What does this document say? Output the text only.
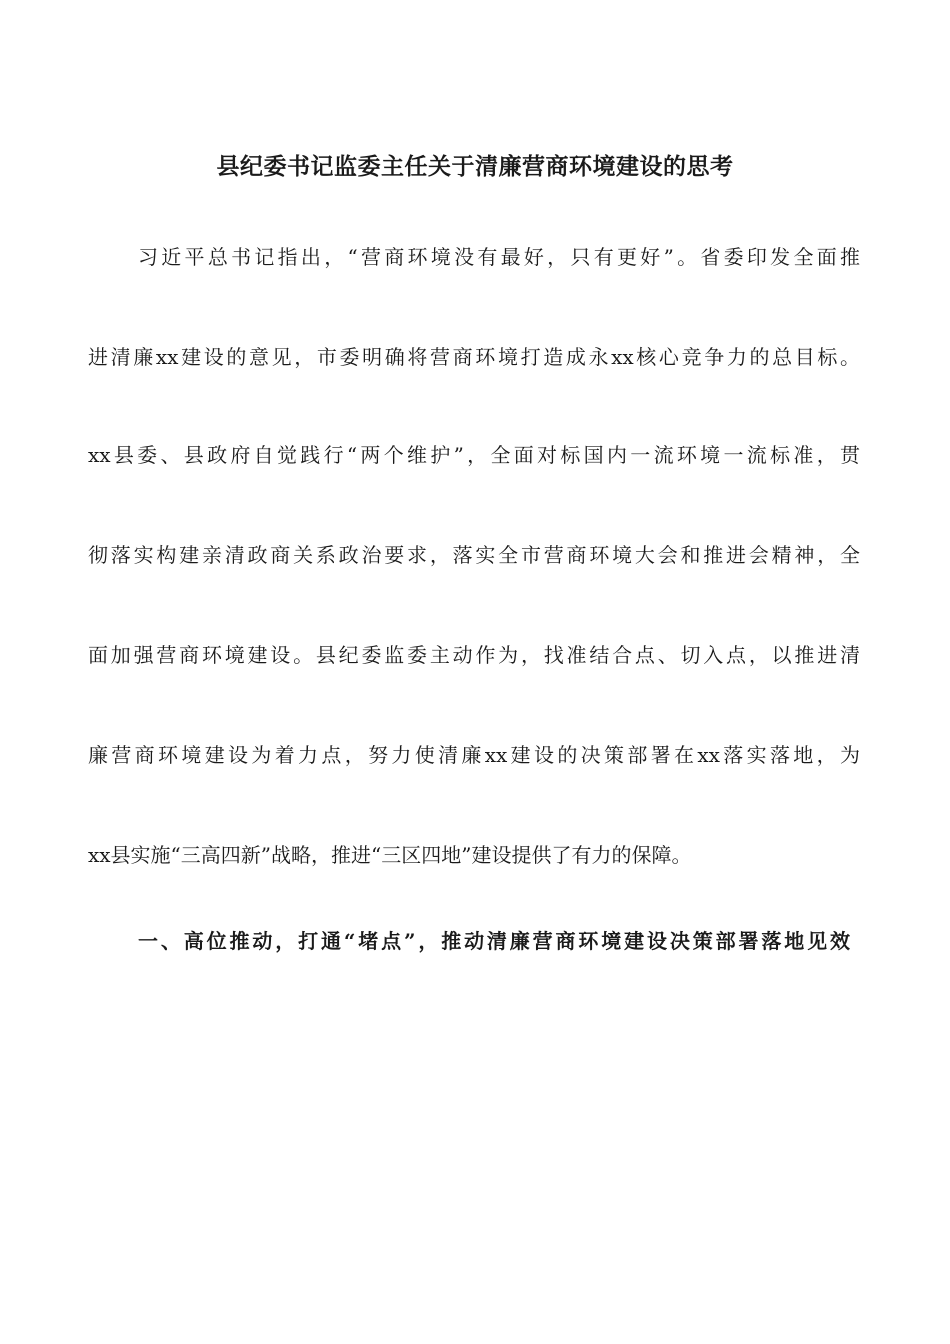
县纪委书记监委主任关于清廉营商环境建设的思考

习近平总书记指出，“营商环境没有最好，只有更好”。省委印发全面推

进清廉xx建设的意见，市委明确将营商环境打造成永xx核心竞争力的总目标。

xx县委、县政府自觉践行“两个维护”，全面对标国内一流环境一流标准，贯

彻落实构建亲清政商关系政治要求，落实全市营商环境大会和推进会精神，全

面加强营商环境建设。县纪委监委主动作为，找准结合点、切入点，以推进清

廉营商环境建设为着力点，努力使清廉xx建设的决策部署在xx落实落地，为

xx县实施“三高四新”战略，推进“三区四地”建设提供了有力的保障。

一、高位推动，打通“堵点”，推动清廉营商环境建设决策部署落地见效
